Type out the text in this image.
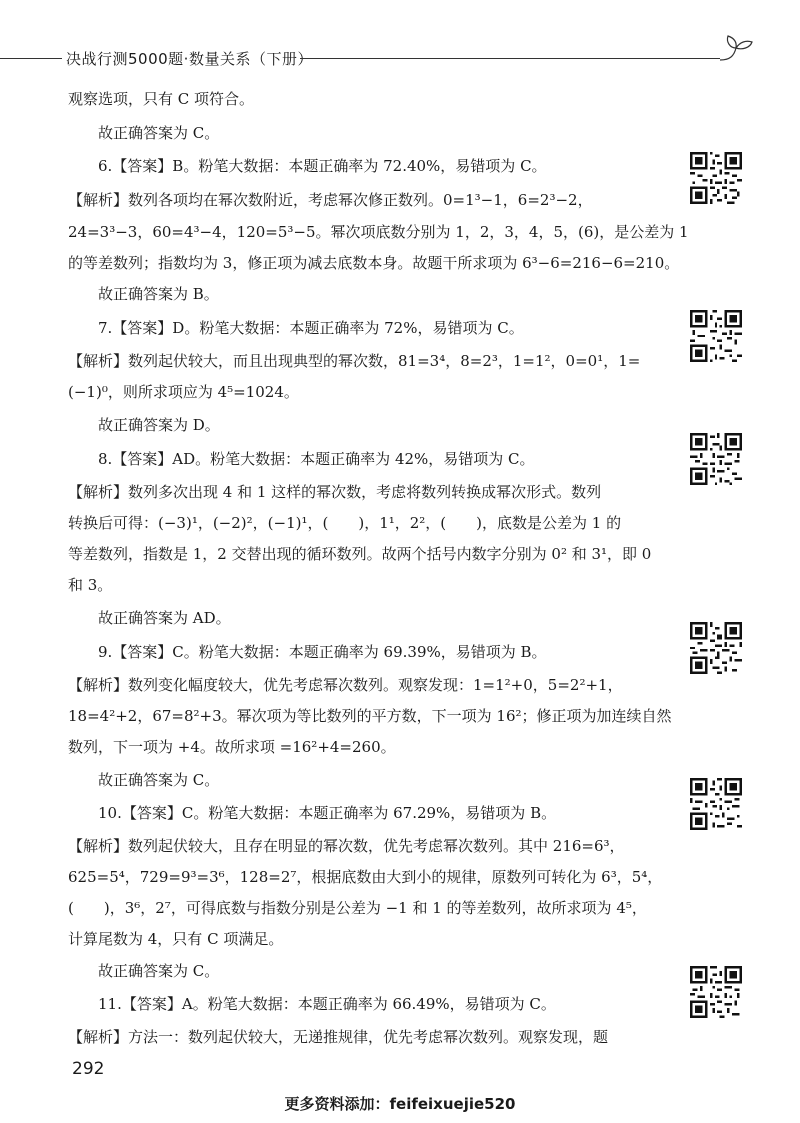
决战行测5000题·数量关系（下册）
观察选项，只有 C 项符合。
故正确答案为 C。
6.【答案】B。粉笔大数据：本题正确率为 72.40%，易错项为 C。
【解析】数列各项均在幂次数附近，考虑幂次修正数列。0=1³−1，6=2³−2，
24=3³−3，60=4³−4，120=5³−5。幂次项底数分别为 1，2，3，4，5，(6)，是公差为 1
的等差数列；指数均为 3，修正项为减去底数本身。故题干所求项为 6³−6=216−6=210。
故正确答案为 B。
7.【答案】D。粉笔大数据：本题正确率为 72%，易错项为 C。
【解析】数列起伏较大，而且出现典型的幂次数，81=3⁴，8=2³，1=1²，0=0¹，1=
(−1)⁰，则所求项应为 4⁵=1024。
故正确答案为 D。
8.【答案】AD。粉笔大数据：本题正确率为 42%，易错项为 C。
【解析】数列多次出现 4 和 1 这样的幂次数，考虑将数列转换成幂次形式。数列
转换后可得：(−3)¹，(−2)²，(−1)¹，(　　)，1¹，2²，(　　)，底数是公差为 1 的
等差数列，指数是 1，2 交替出现的循环数列。故两个括号内数字分别为 0² 和 3¹，即 0
和 3。
故正确答案为 AD。
9.【答案】C。粉笔大数据：本题正确率为 69.39%，易错项为 B。
【解析】数列变化幅度较大，优先考虑幂次数列。观察发现：1=1²+0，5=2²+1，
18=4²+2，67=8²+3。幂次项为等比数列的平方数，下一项为 16²；修正项为加连续自然
数列，下一项为 +4。故所求项 =16²+4=260。
故正确答案为 C。
10.【答案】C。粉笔大数据：本题正确率为 67.29%，易错项为 B。
【解析】数列起伏较大，且存在明显的幂次数，优先考虑幂次数列。其中 216=6³，
625=5⁴，729=9³=3⁶，128=2⁷，根据底数由大到小的规律，原数列可转化为 6³，5⁴，
(　　)，3⁶，2⁷，可得底数与指数分别是公差为 −1 和 1 的等差数列，故所求项为 4⁵，
计算尾数为 4，只有 C 项满足。
故正确答案为 C。
11.【答案】A。粉笔大数据：本题正确率为 66.49%，易错项为 C。
【解析】方法一：数列起伏较大，无递推规律，优先考虑幂次数列。观察发现，题
292
更多资料添加：feifeixuejie520
